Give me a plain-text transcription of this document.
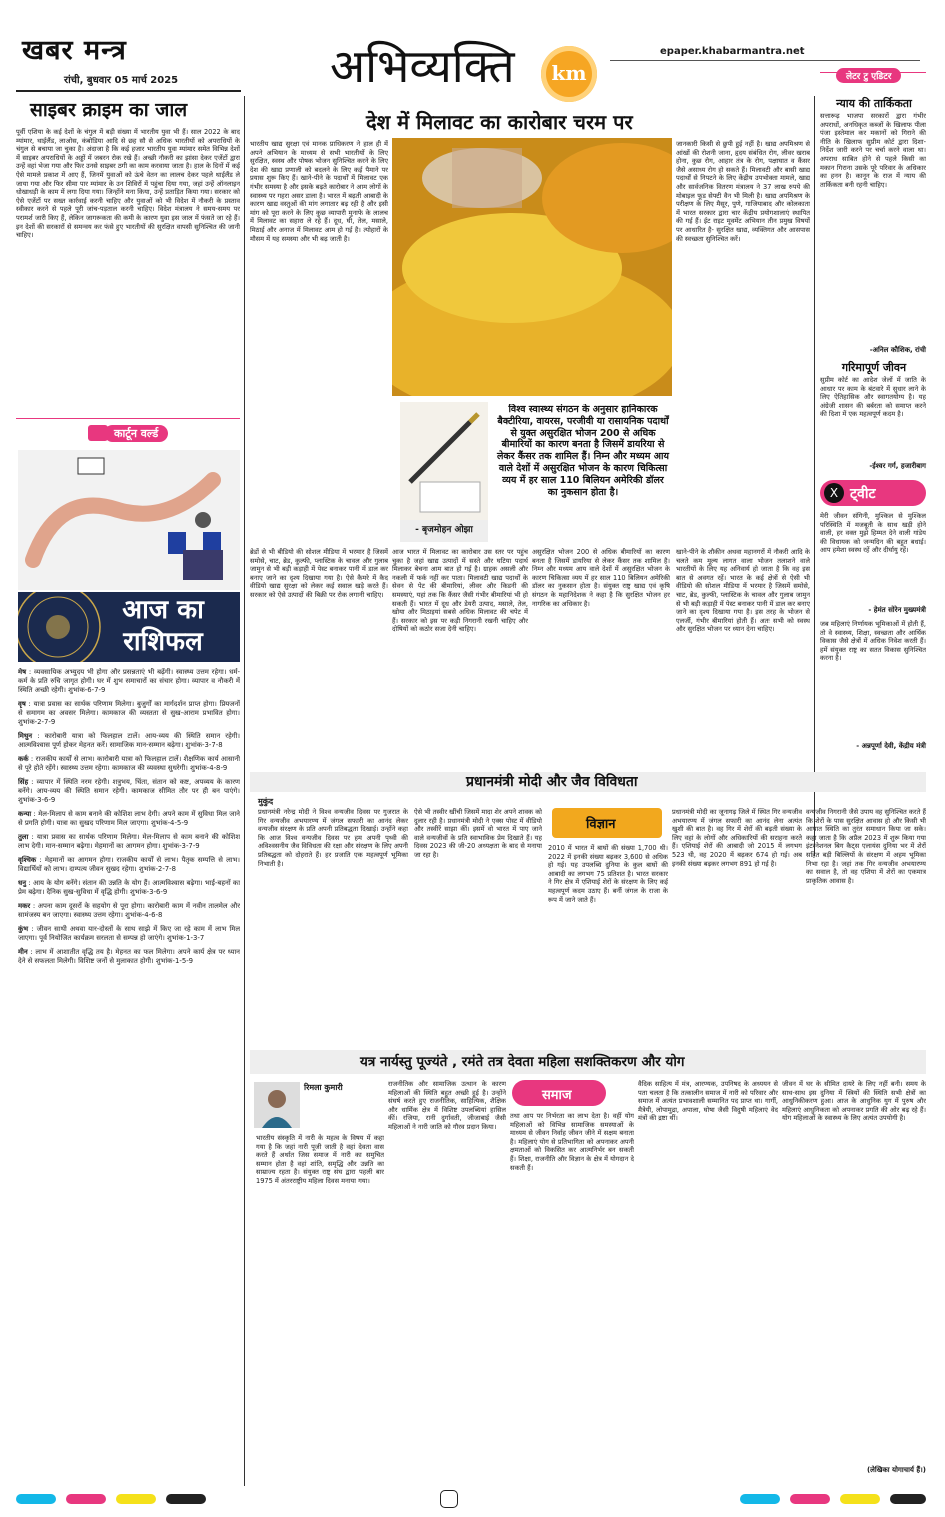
खबर मन्त्र
रांची, बुधवार 05 मार्च 2025	अभिव्यक्ति	km
epaper.khabarmantra.net
साइबर क्राइम का जाल
पूर्वी एशिया के कई देशों के चंगुल में बड़ी संख्या में भारतीय युवा भी हैं। साल 2022 के बाद म्यांमार, थाईलैंड, लाओस, कंबोडिया आदि से छह सौ से अधिक भारतीयों को अपराधियों के चंगुल से बचाया जा चुका है। अंदाजा है कि कई हजार भारतीय युवा म्यांमार समेत विभिन्न देशों में साइबर अपराधियों के अड्डों में जबरन रोक रखे हैं। अच्छी नौकरी का झांसा देकर एजेंटों द्वारा उन्हें वहां भेजा गया और फिर उनसे साइबर ठगी का काम करवाया जाता है। हाल के दिनों में कई ऐसे मामले प्रकाश में आए हैं, जिनमें युवाओं को ऊंचे वेतन का लालच देकर पहले थाईलैंड ले जाया गया और फिर सीमा पार म्यांमार के उन शिविरों में पहुंचा दिया गया, जहां उन्हें ऑनलाइन धोखाधड़ी के काम में लगा दिया गया। जिन्होंने मना किया, उन्हें प्रताड़ित किया गया। सरकार को ऐसे एजेंटों पर सख्त कार्रवाई करनी चाहिए और युवाओं को भी विदेश में नौकरी के प्रस्ताव स्वीकार करने से पहले पूरी जांच-पड़ताल करनी चाहिए। विदेश मंत्रालय ने समय-समय पर परामर्श जारी किए हैं, लेकिन जागरूकता की कमी के कारण युवा इस जाल में फंसते जा रहे हैं। इन देशों की सरकारों से समन्वय कर फंसे हुए भारतीयों की सुरक्षित वापसी सुनिश्चित की जानी चाहिए।
कार्टून वर्ल्ड
आज का राशिफल

मेष : व्यवसायिक अभ्युदय भी होगा और प्रसन्नताएं भी बढ़ेंगी। स्वास्थ्य उत्तम रहेगा। धर्म-कर्म के प्रति रुचि जागृत होगी। घर में शुभ समाचारों का संचार होगा। व्यापार व नौकरी में स्थिति अच्छी रहेगी। शुभांक-6-7-9

वृष : यात्रा प्रवास का सार्थक परिणाम मिलेगा। बुजुर्गों का मार्गदर्शन प्राप्त होगा। प्रियजनों से समागम का अवसर मिलेगा। कामकाज की व्यस्तता से सुख-आराम प्रभावित होगा। शुभांक-2-7-9

मिथुन : कारोबारी यात्रा को फिलहाल टालें। आय-व्यय की स्थिति समान रहेगी। आत्मविश्वास पूर्ण होकर मेहनत करें। सामाजिक मान-सम्मान बढ़ेगा। शुभांक-3-7-8

कर्क : राजकीय कार्यों से लाभ। कारोबारी यात्रा को फिलहाल टालें। शैक्षणिक कार्य आसानी से पूरे होते रहेंगे। स्वास्थ्य उत्तम रहेगा। कामकाज की व्यवस्था सुधरेगी। शुभांक-4-8-9

सिंह : व्यापार में स्थिति नरम रहेगी। शत्रुभय, चिंता, संतान को कष्ट, अपव्यय के कारण बनेंगे। आय-व्यय की स्थिति समान रहेगी। कामकाज सीमित तौर पर ही बन पाएंगे। शुभांक-3-6-9

कन्या : मेल-मिलाप से काम बनाने की कोशिश लाभ देगी। अपने काम में सुविधा मिल जाने से प्रगति होगी। यात्रा का सुखद परिणाम मिल जाएगा। शुभांक-4-5-9

तुला : यात्रा प्रवास का सार्थक परिणाम मिलेगा। मेल-मिलाप से काम बनाने की कोशिश लाभ देगी। मान-सम्मान बढ़ेगा। मेहमानों का आगमन होगा। शुभांक-3-7-9

वृश्चिक : मेहमानों का आगमन होगा। राजकीय कार्यों से लाभ। पैतृक सम्पत्ति से लाभ। विद्यार्थियों को लाभ। दाम्पत्य जीवन सुखद रहेगा। शुभांक-2-7-8

धनु : आय के योग बनेंगे। संतान की उन्नति के योग हैं। आत्मविश्वास बढ़ेगा। भाई-बहनों का प्रेम बढ़ेगा। दैनिक सुख-सुविधा में वृद्धि होगी। शुभांक-3-6-9

मकर : अपना काम दूसरों के सहयोग से पूरा होगा। कारोबारी काम में नवीन तालमेल और सामंजस्य बन जाएगा। स्वास्थ्य उत्तम रहेगा। शुभांक-4-6-8

कुंभ : जीवन साथी अथवा यार-दोस्तों के साथ साझे में किए जा रहे काम में लाभ मिल जाएगा। पूर्व नियोजित कार्यक्रम सरलता से सम्पन्न हो जाएंगे। शुभांक-1-3-7

मीन : लाभ में आशातीत वृद्धि तय है। मेहनत का फल मिलेगा। अपने कार्य क्षेत्र पर ध्यान देने से सफलता मिलेगी। विशिष्ट जनों से मुलाकात होगी। शुभांक-1-5-9

देश में मिलावट का कारोबार चरम पर
भारतीय खाद्य सुरक्षा एवं मानक प्राधिकरण ने हाल ही में अपने अभियान के माध्यम से सभी भारतीयों के लिए सुरक्षित, स्वस्थ और पोषक भोजन सुनिश्चित करने के लिए देश की खाद्य प्रणाली को बदलने के लिए कई पैमाने पर प्रयास शुरू किए हैं। खाने-पीने के पदार्थों में मिलावट एक गंभीर समस्या है और इसके बढ़ते कारोबार ने आम लोगों के स्वास्थ्य पर गहरा असर डाला है। भारत में बढ़ती आबादी के कारण खाद्य वस्तुओं की मांग लगातार बढ़ रही है और इसी मांग को पूरा करने के लिए कुछ व्यापारी मुनाफे के लालच में मिलावट का सहारा ले रहे हैं। दूध, घी, तेल, मसाले, मिठाई और अनाज में मिलावट आम हो गई है। त्योहारों के मौसम में यह समस्या और भी बढ़ जाती है।
जानकारी किसी से छुपी हुई नहीं है। खाद्य अपमिश्रण से आंखों की रोशनी जाना, हृदय संबंधित रोग, लीवर खराब होना, कुछ रोग, आहार तंत्र के रोग, पक्षाघात व कैंसर जैसे असाध्य रोग हो सकते हैं। मिलावटी और बासी खाद्य पदार्थों से निपटने के लिए केंद्रीय उपभोक्ता मामले, खाद्य और सार्वजनिक वितरण मंत्रालय ने 37 लाख रुपये की मोबाइल फूड सेफ्टी वैन भी मिली है। खाद्य अपमिश्रण के परीक्षण के लिए मैसूर, पुणे, गाजियाबाद और कोलकाता में भारत सरकार द्वारा चार केंद्रीय प्रयोगशालाएं स्थापित की गई हैं। ईट राइट मूवमेंट अभियान तीन प्रमुख विषयों पर आधारित है- सुरक्षित खाद्य, व्यक्तिगत और आसपास की स्वच्छता सुनिश्चित करें।
- बृजमोहन ओझा
विश्व स्वास्थ्य संगठन के अनुसार हानिकारक बैक्टीरिया, वायरस, परजीवी या रासायनिक पदार्थों से युक्त असुरक्षित भोजन 200 से अधिक बीमारियों का कारण बनता है जिसमें डायरिया से लेकर कैंसर तक शामिल हैं। निम्न और मध्यम आय वाले देशों में असुरक्षित भोजन के कारण चिकित्सा व्यय में हर साल 110 बिलियन अमेरिकी डॉलर का नुकसान होता है।
आज भारत में मिलावट का कारोबार उस स्तर पर पहुंच चुका है जहां खाद्य उत्पादों में सस्ते और घटिया पदार्थ मिलाकर बेचना आम बात हो गई है। ग्राहक असली और नकली में फर्क नहीं कर पाता। मिलावटी खाद्य पदार्थों के सेवन से पेट की बीमारियां, लीवर और किडनी की समस्याएं, यहां तक कि कैंसर जैसी गंभीर बीमारियां भी हो सकती हैं। भारत में दूध और डेयरी उत्पाद, मसाले, तेल, खोया और मिठाइयां सबसे अधिक मिलावट की चपेट में हैं। सरकार को इस पर कड़ी निगरानी रखनी चाहिए और दोषियों को कठोर सजा देनी चाहिए।
असुरक्षित भोजन 200 से अधिक बीमारियों का कारण बनता है जिसमें डायरिया से लेकर कैंसर तक शामिल है। निम्न और मध्यम आय वाले देशों में असुरक्षित भोजन के कारण चिकित्सा व्यय में हर साल 110 बिलियन अमेरिकी डॉलर का नुकसान होता है। संयुक्त राष्ट्र खाद्य एवं कृषि संगठन के महानिदेशक ने कहा है कि सुरक्षित भोजन हर नागरिक का अधिकार है।
खाने-पीने के शौकीन अथवा महानगरों में नौकरी आदि के चलते कम मूल्य लागत वाला भोजन तलाशने वाले भारतीयों के लिए यह अनिवार्य हो जाता है कि वह इस बात से अवगत रहें। भारत के कई क्षेत्रों से ऐसी भी वीडियो की सोशल मीडिया में भरमार है जिसमें समोसे, चाट, ब्रेड, कुल्फी, प्लास्टिक के चावल और गुलाब जामुन से भी बड़ी कड़ाही में पेस्ट बनाकर पानी में डाल कर बनाए जाने का दृश्य दिखाया गया है। इस तरह के भोजन से एलर्जी, गंभीर बीमारियां होती हैं। अतः सभी को स्वस्थ और सुरक्षित भोजन पर ध्यान देना चाहिए।
ब्रेडों से भी बीडियो की सोशल मीडिया में भरमार है जिसमें समोसे, चाट, ब्रेड, कुल्फी, प्लास्टिक के चावल और गुलाब जामुन से भी बड़ी कड़ाही में पेस्ट बनाकर पानी में डाल कर बनाए जाने का दृश्य दिखाया गया है। ऐसे कैमरे में कैद वीडियो खाद्य सुरक्षा को लेकर कई सवाल खड़े करते हैं। सरकार को ऐसे उत्पादों की बिक्री पर रोक लगानी चाहिए।
लेटर टु एडिटर
न्याय की तार्किकता
सत्तारूढ़ भाजपा सरकारों द्वारा गंभीर अपराधों, अनधिकृत कब्जों के खिलाफ पीला पंजा इस्तेमाल कर मकानों को गिराने की नीति के खिलाफ सुप्रीम कोर्ट द्वारा दिशा-निर्देश जारी करने पर चर्चा करने वाला था। अपराध साबित होने से पहले किसी का मकान गिराना उसके पूरे परिवार के अधिकार का हनन है। कानून के राज में न्याय की तार्किकता बनी रहनी चाहिए।
-अनिल कौशिक, रांची
गरिमापूर्ण जीवन
सुप्रीम कोर्ट का आदेश जेलों में जाति के आधार पर काम के बंटवारे में सुधार लाने के लिए ऐतिहासिक और स्वागतयोग्य है। यह अंग्रेजी शासन की बर्बरता को समाप्त करने की दिशा में एक महत्वपूर्ण कदम है।
-ईश्वर गर्ग, हजारीबाग
X ट्वीट
मेरी जीवन संगिनी, मुश्किल से मुश्किल परिस्थिति में मजबूती के साथ खड़ी होने वाली, हर वक्त मुझे हिम्मत देने वाली गांडेय की विधायक को जन्मदिन की बहुत बधाई। आप हमेशा स्वस्थ रहें और दीर्घायु रहें।
- हेमंत सोरेन मुख्यमंत्री
जब महिलाएं निर्णायक भूमिकाओं में होती हैं, तो वे स्वास्थ्य, शिक्षा, स्वच्छता और आर्थिक विकास जैसे क्षेत्रों में अधिक निवेश करती हैं। हमें संयुक्त राष्ट्र का सतत विकास सुनिश्चित करना है।
- अन्नपूर्णा देवी, केंद्रीय मंत्री
प्रधानमंत्री मोदी और जैव विविधता
मुकुंद
प्रधानमंत्री नरेन्द्र मोदी ने विश्व वन्यजीव दिवस पर गुजरात के गिर वन्यजीव अभयारण्य में जंगल सफारी का आनंद लेकर वन्यजीव संरक्षण के प्रति अपनी प्रतिबद्धता दिखाई। उन्होंने कहा कि आज विश्व वन्यजीव दिवस पर हम अपनी पृथ्वी की अविश्वसनीय जैव विविधता की रक्षा और संरक्षण के लिए अपनी प्रतिबद्धता को दोहराते हैं। हर प्रजाति एक महत्वपूर्ण भूमिका निभाती है।
ऐसे भी तस्वीर खींची जिसमें मादा शेर अपने शावक को दुलार रही है। प्रधानमंत्री मोदी ने एक्स पोस्ट में वीडियो और तस्वीरें साझा कीं। इसमें वो भारत में पाए जाने वाले वन्यजीवों के प्रति स्वाभाविक प्रेम दिखाते हैं। यह दिवस 2023 की जी-20 अध्यक्षता के बाद से मनाया जा रहा है।
विज्ञान
2010 में भारत में बाघों की संख्या 1,700 थी। 2022 में इनकी संख्या बढ़कर 3,600 से अधिक हो गई। यह उपलब्धि दुनिया के कुल बाघों की आबादी का लगभग 75 प्रतिशत है। भारत सरकार ने गिर क्षेत्र में एशियाई शेरों के संरक्षण के लिए कई महत्वपूर्ण कदम उठाए हैं। बर्नी जंगल के राजा के रूप में जाने जाते हैं।
प्रधानमंत्री मोदी का जूनागढ़ जिले में स्थित गिर वन्यजीव अभयारण्य में जंगल सफारी का आनंद लेना अत्यंत खुशी की बात है। वह गिर में शेरों की बढ़ती संख्या के लिए वहां के लोगों और अधिकारियों की सराहना करते हैं। एशियाई शेरों की आबादी जो 2015 में लगभग 523 थी, वह 2020 में बढ़कर 674 हो गई। अब इनकी संख्या बढ़कर लगभग 891 हो गई है।
वन्यजीव निगरानी जैसे उपाय वह सुनिश्चित करते हैं कि शेरों के पास सुरक्षित आवास हो और किसी भी आपात स्थिति का तुरंत समाधान किया जा सके। कहा जाता है कि अप्रैल 2023 में शुरू किया गया इंटरनेशनल बिग कैट्स एलायंस दुनिया भर में शेरों सहित बड़ी बिल्लियों के संरक्षण में अहम भूमिका निभा रहा है। जहां तक गिर वन्यजीव अभयारण्य का सवाल है, तो वह एशिया में शेरों का एकमात्र प्राकृतिक आवास है।
यत्र नार्यस्तु पूज्यंते , रमंते तत्र देवता महिला सशक्तिकरण और योग
रिमला कुमारी
भारतीय संस्कृति में नारी के महत्व के विषय में कहा गया है कि जहां नारी पूजी जाती है वहां देवता वास करते हैं अर्थात जिस समाज में नारी का समुचित सम्मान होता है वहां शांति, समृद्धि और उन्नति का साम्राज्य रहता है। संयुक्त राष्ट्र संघ द्वारा पहली बार 1975 में अंतरराष्ट्रीय महिला दिवस मनाया गया।
राजनीतिक और सामाजिक उत्थान के कारण महिलाओं की स्थिति बहुत अच्छी हुई है। उन्होंने संघर्ष करते हुए राजनीतिक, साहित्यिक, शैक्षिक और धार्मिक क्षेत्र में विशिष्ट उपलब्धियां हासिल कीं। रजिया, रानी दुर्गावती, जीजाबाई जैसी महिलाओं ने नारी जाति को गौरव प्रदान किया।
समाज
तथा आप पर निर्भरता का लाभ देता है। वहीं योग महिलाओं को विभिन्न सामाजिक समस्याओं के माध्यम से जीवन निर्वाह जीवन जीने में सक्षम बनाता है। महिलाएं योग से प्रतिभागिता को अपनाकर अपनी क्षमताओं को विकसित कर आत्मनिर्भर बन सकती हैं। शिक्षा, राजनीति और विज्ञान के क्षेत्र में योगदान दे सकती हैं।
वैदिक साहित्य में मंत्र, आरण्यक, उपनिषद के अध्ययन से पता चलता है कि तत्कालीन समाज में नारी को परिवार और समाज में अत्यंत प्रभावशाली सम्मानित पद प्राप्त था। गार्गी, मैत्रेयी, लोपामुद्रा, अपाला, घोषा जैसी विदुषी महिलाएं वेद मंत्रों की द्रष्टा थीं।
जीवन में घर के सीमित दायरे के लिए नहीं बनी। समय के साथ-साथ इस दुनिया में स्त्रियों की स्थिति सभी क्षेत्रों का आधुनिकीकरण हुआ। आज के आधुनिक युग में पुरुष और महिलाएं आधुनिकता को अपनाकर प्रगति की ओर बढ़ रहे हैं। योग महिलाओं के स्वास्थ्य के लिए अत्यंत उपयोगी है।
(लेखिका योगाचार्य हैं।)
